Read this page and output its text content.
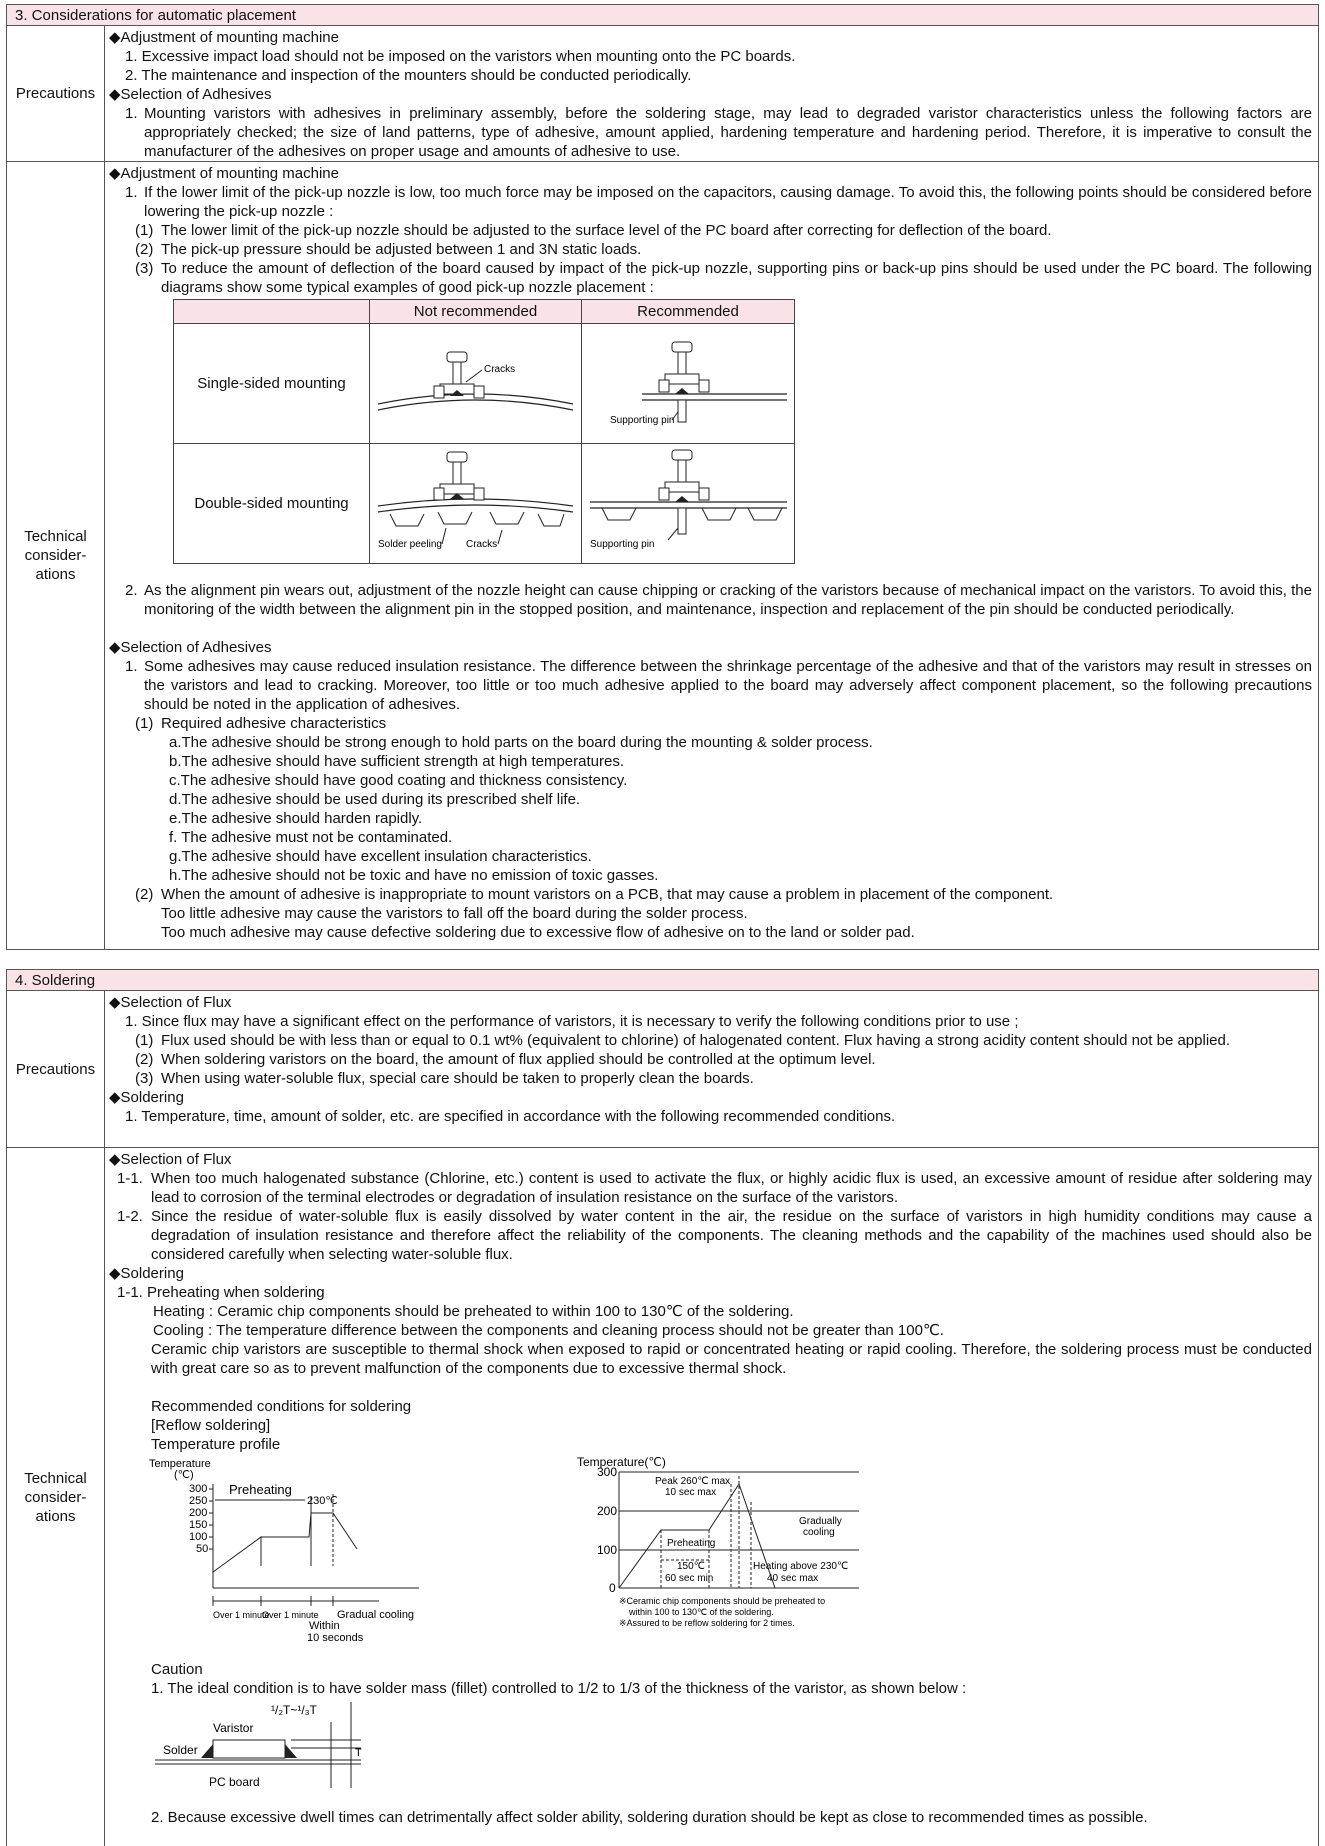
3. Considerations for automatic placement
Precautions
◆Adjustment of mounting machine
1. Excessive impact load should not be imposed on the varistors when mounting onto the PC boards.
2. The maintenance and inspection of the mounters should be conducted periodically.
◆Selection of Adhesives
1. Mounting varistors with adhesives in preliminary assembly, before the soldering stage, may lead to degraded varistor characteristics unless the following factors are appropriately checked; the size of land patterns, type of adhesive, amount applied, hardening temperature and hardening period. Therefore, it is imperative to consult the manufacturer of the adhesives on proper usage and amounts of adhesive to use.
Technical consider-ations
◆Adjustment of mounting machine
1. If the lower limit of the pick-up nozzle is low, too much force may be imposed on the capacitors, causing damage. To avoid this, the following points should be considered before lowering the pick-up nozzle :
(1) The lower limit of the pick-up nozzle should be adjusted to the surface level of the PC board after correcting for deflection of the board.
(2) The pick-up pressure should be adjusted between 1 and 3N static loads.
(3) To reduce the amount of deflection of the board caused by impact of the pick-up nozzle, supporting pins or back-up pins should be used under the PC board. The following diagrams show some typical examples of good pick-up nozzle placement :
	Not recommended	Recommended
Single-sided mounting	Cracks	Supporting pin

Double-sided mounting	Solder peeling Cracks	Supporting pin
2. As the alignment pin wears out, adjustment of the nozzle height can cause chipping or cracking of the varistors because of mechanical impact on the varistors. To avoid this, the monitoring of the width between the alignment pin in the stopped position, and maintenance, inspection and replacement of the pin should be conducted periodically.
◆Selection of Adhesives
1. Some adhesives may cause reduced insulation resistance. The difference between the shrinkage percentage of the adhesive and that of the varistors may result in stresses on the varistors and lead to cracking. Moreover, too little or too much adhesive applied to the board may adversely affect component placement, so the following precautions should be noted in the application of adhesives.
(1) Required adhesive characteristics
a.The adhesive should be strong enough to hold parts on the board during the mounting & solder process.
b.The adhesive should have sufficient strength at high temperatures.
c.The adhesive should have good coating and thickness consistency.
d.The adhesive should be used during its prescribed shelf life.
e.The adhesive should harden rapidly.
f. The adhesive must not be contaminated.
g.The adhesive should have excellent insulation characteristics.
h.The adhesive should not be toxic and have no emission of toxic gasses.
(2) When the amount of adhesive is inappropriate to mount varistors on a PCB, that may cause a problem in placement of the component.
Too little adhesive may cause the varistors to fall off the board during the solder process.
Too much adhesive may cause defective soldering due to excessive flow of adhesive on to the land or solder pad.
4. Soldering
Precautions
◆Selection of Flux
1. Since flux may have a significant effect on the performance of varistors, it is necessary to verify the following conditions prior to use ;
(1) Flux used should be with less than or equal to 0.1 wt% (equivalent to chlorine) of halogenated content. Flux having a strong acidity content should not be applied.
(2) When soldering varistors on the board, the amount of flux applied should be controlled at the optimum level.
(3) When using water-soluble flux, special care should be taken to properly clean the boards.
◆Soldering
1. Temperature, time, amount of solder, etc. are specified in accordance with the following recommended conditions.
Technical consider-ations
◆Selection of Flux
1-1. When too much halogenated substance (Chlorine, etc.) content is used to activate the flux, or highly acidic flux is used, an excessive amount of residue after soldering may lead to corrosion of the terminal electrodes or degradation of insulation resistance on the surface of the varistors.
1-2. Since the residue of water-soluble flux is easily dissolved by water content in the air, the residue on the surface of varistors in high humidity conditions may cause a degradation of insulation resistance and therefore affect the reliability of the components. The cleaning methods and the capability of the machines used should also be considered carefully when selecting water-soluble flux.
◆Soldering
1-1. Preheating when soldering
Heating : Ceramic chip components should be preheated to within 100 to 130℃ of the soldering.
Cooling : The temperature difference between the components and cleaning process should not be greater than 100℃.
Ceramic chip varistors are susceptible to thermal shock when exposed to rapid or concentrated heating or rapid cooling. Therefore, the soldering process must be conducted with great care so as to prevent malfunction of the components due to excessive thermal shock.
Recommended conditions for soldering
[Reflow soldering]
Temperature profile
Temperature
(℃)
300
250
200
150
100
50
Preheating
230℃
Over 1 minute
Over 1 minute Gradual cooling
Within
10 seconds
Temperature(℃)
300
200
100
0
Peak 260℃ max
10 sec max
Gradually
cooling
Preheating
150℃
60 sec min
Heating above 230℃
40 sec max
※Ceramic chip components should be preheated to
within 100 to 130℃ of the soldering.
※Assured to be reflow soldering for 2 times.
Caution
1. The ideal condition is to have solder mass (fillet) controlled to 1/2 to 1/3 of the thickness of the varistor, as shown below :
¹/₂T~¹/₃T
Varistor
Solder	T
PC board
2. Because excessive dwell times can detrimentally affect solder ability, soldering duration should be kept as close to recommended times as possible.
